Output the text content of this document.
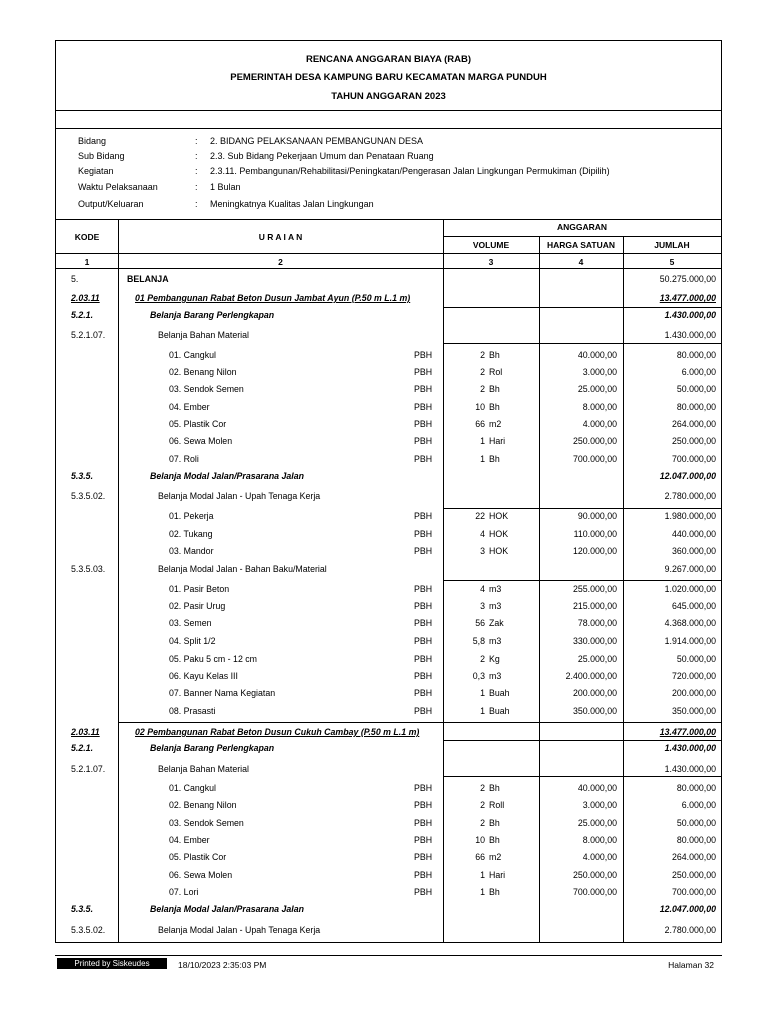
RENCANA ANGGARAN BIAYA (RAB)
PEMERINTAH DESA KAMPUNG BARU KECAMATAN MARGA PUNDUH
TAHUN ANGGARAN 2023
Bidang	: 2. BIDANG PELAKSANAAN PEMBANGUNAN DESA
Sub Bidang	: 2.3. Sub Bidang Pekerjaan Umum dan Penataan Ruang
Kegiatan	: 2.3.11. Pembangunan/Rehabilitasi/Peningkatan/Pengerasan Jalan Lingkungan Permukiman (Dipilih)
Waktu Pelaksanaan	: 1 Bulan
Output/Keluaran	: Meningkatnya Kualitas Jalan Lingkungan
KODE	U R A I A N
ANGGARAN
VOLUME	HARGA SATUAN	JUMLAH
1	2	3	4	5
5.	BELANJA	50.275.000,00
2.03.11	01 Pembangunan Rabat Beton Dusun Jambat Ayun (P.50 m L.1 m)	13.477.000,00
5.2.1.	Belanja Barang Perlengkapan	1.430.000,00
5.2.1.07.	Belanja Bahan Material	1.430.000,00
01. Cangkul	PBH	2 Bh	40.000,00	80.000,00
02. Benang Nilon	PBH	2 Rol	3.000,00	6.000,00
03. Sendok Semen	PBH	2 Bh	25.000,00	50.000,00
04. Ember	PBH	10 Bh	8.000,00	80.000,00
05. Plastik Cor	PBH	66 m2	4.000,00	264.000,00
06. Sewa Molen	PBH	1 Hari	250.000,00	250.000,00
07. Roli	PBH	1 Bh	700.000,00	700.000,00
5.3.5.	Belanja Modal Jalan/Prasarana Jalan	12.047.000,00
5.3.5.02.	Belanja Modal Jalan - Upah Tenaga Kerja	2.780.000,00
01. Pekerja	PBH	22 HOK	90.000,00	1.980.000,00
02. Tukang	PBH	4 HOK	110.000,00	440.000,00
03. Mandor	PBH	3 HOK	120.000,00	360.000,00
5.3.5.03.	Belanja Modal Jalan - Bahan Baku/Material	9.267.000,00
01. Pasir Beton	PBH	4 m3	255.000,00	1.020.000,00
02. Pasir Urug	PBH	3 m3	215.000,00	645.000,00
03. Semen	PBH	56 Zak	78.000,00	4.368.000,00
04. Split 1/2	PBH	5,8 m3	330.000,00	1.914.000,00
05. Paku 5 cm - 12 cm	PBH	2 Kg	25.000,00	50.000,00
06. Kayu Kelas III	PBH	0,3 m3	2.400.000,00	720.000,00
07. Banner Nama Kegiatan	PBH	1 Buah	200.000,00	200.000,00
08. Prasasti	PBH	1 Buah	350.000,00	350.000,00
2.03.11	02 Pembangunan Rabat Beton Dusun Cukuh Cambay (P.50 m L.1 m)	13.477.000,00
5.2.1.	Belanja Barang Perlengkapan	1.430.000,00
5.2.1.07.	Belanja Bahan Material	1.430.000,00
01. Cangkul	PBH	2 Bh	40.000,00	80.000,00
02. Benang Nilon	PBH	2 Roll	3.000,00	6.000,00
03. Sendok Semen	PBH	2 Bh	25.000,00	50.000,00
04. Ember	PBH	10 Bh	8.000,00	80.000,00
05. Plastik Cor	PBH	66 m2	4.000,00	264.000,00
06. Sewa Molen	PBH	1 Hari	250.000,00	250.000,00
07. Lori	PBH	1 Bh	700.000,00	700.000,00
5.3.5.	Belanja Modal Jalan/Prasarana Jalan	12.047.000,00
5.3.5.02.	Belanja Modal Jalan - Upah Tenaga Kerja	2.780.000,00
Printed by Siskeudes	18/10/2023 2:35:03 PM	Halaman 32
